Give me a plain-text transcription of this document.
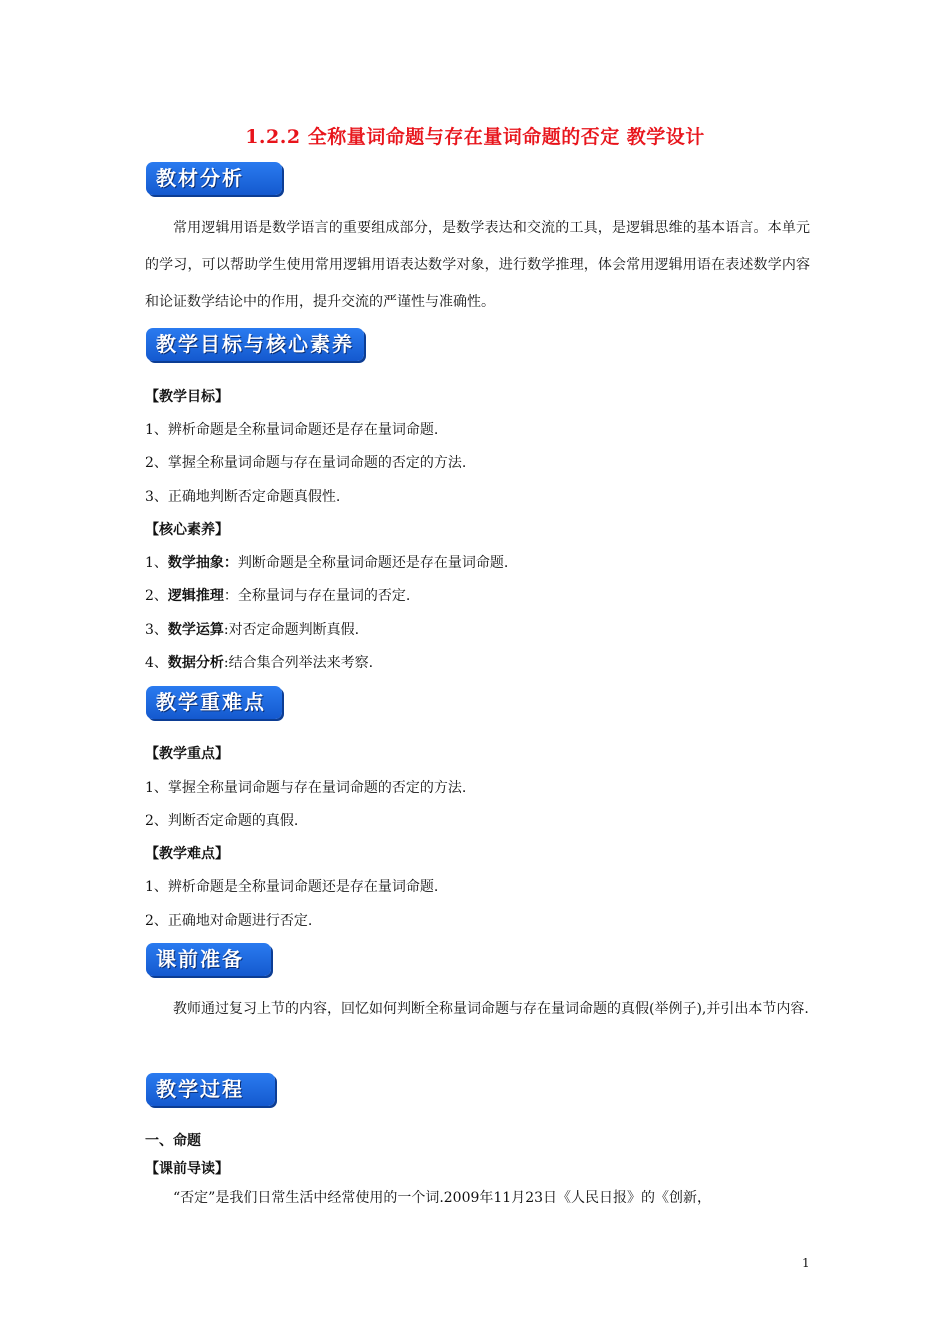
1.2.2 全称量词命题与存在量词命题的否定 教学设计
教材分析
常用逻辑用语是数学语言的重要组成部分，是数学表达和交流的工具，是逻辑思维的基本语言。本单元的学习，可以帮助学生使用常用逻辑用语表达数学对象，进行数学推理，体会常用逻辑用语在表述数学内容和论证数学结论中的作用，提升交流的严谨性与准确性。
教学目标与核心素养
【教学目标】
1、辨析命题是全称量词命题还是存在量词命题.
2、掌握全称量词命题与存在量词命题的否定的方法.
3、正确地判断否定命题真假性.
【核心素养】
1、数学抽象：判断命题是全称量词命题还是存在量词命题.
2、逻辑推理：全称量词与存在量词的否定.
3、数学运算:对否定命题判断真假.
4、数据分析:结合集合列举法来考察.
教学重难点
【教学重点】
1、掌握全称量词命题与存在量词命题的否定的方法.
2、判断否定命题的真假.
【教学难点】
1、辨析命题是全称量词命题还是存在量词命题.
2、正确地对命题进行否定.
课前准备
教师通过复习上节的内容，回忆如何判断全称量词命题与存在量词命题的真假(举例子),并引出本节内容.
教学过程
一、命题
【课前导读】
“否定”是我们日常生活中经常使用的一个词.2009年11月23日《人民日报》的《创新，
1
